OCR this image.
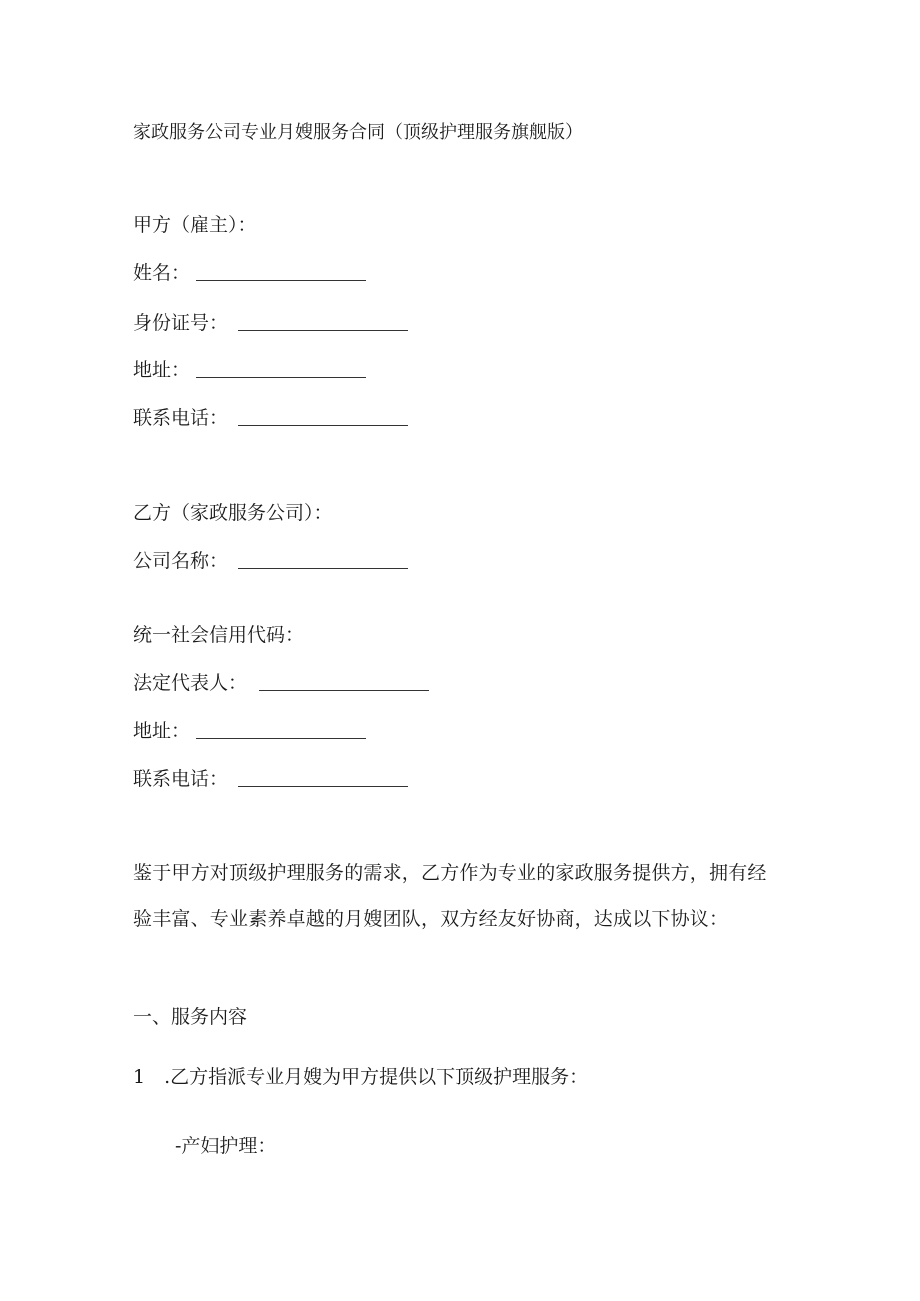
家政服务公司专业月嫂服务合同（顶级护理服务旗舰版）
甲方（雇主）：
姓名：
身份证号：
地址：
联系电话：
乙方（家政服务公司）：
公司名称：
统一社会信用代码：
法定代表人：
地址：
联系电话：
鉴于甲方对顶级护理服务的需求，乙方作为专业的家政服务提供方，拥有经验丰富、专业素养卓越的月嫂团队，双方经友好协商，达成以下协议：
一、服务内容
1　.乙方指派专业月嫂为甲方提供以下顶级护理服务：
-产妇护理：
